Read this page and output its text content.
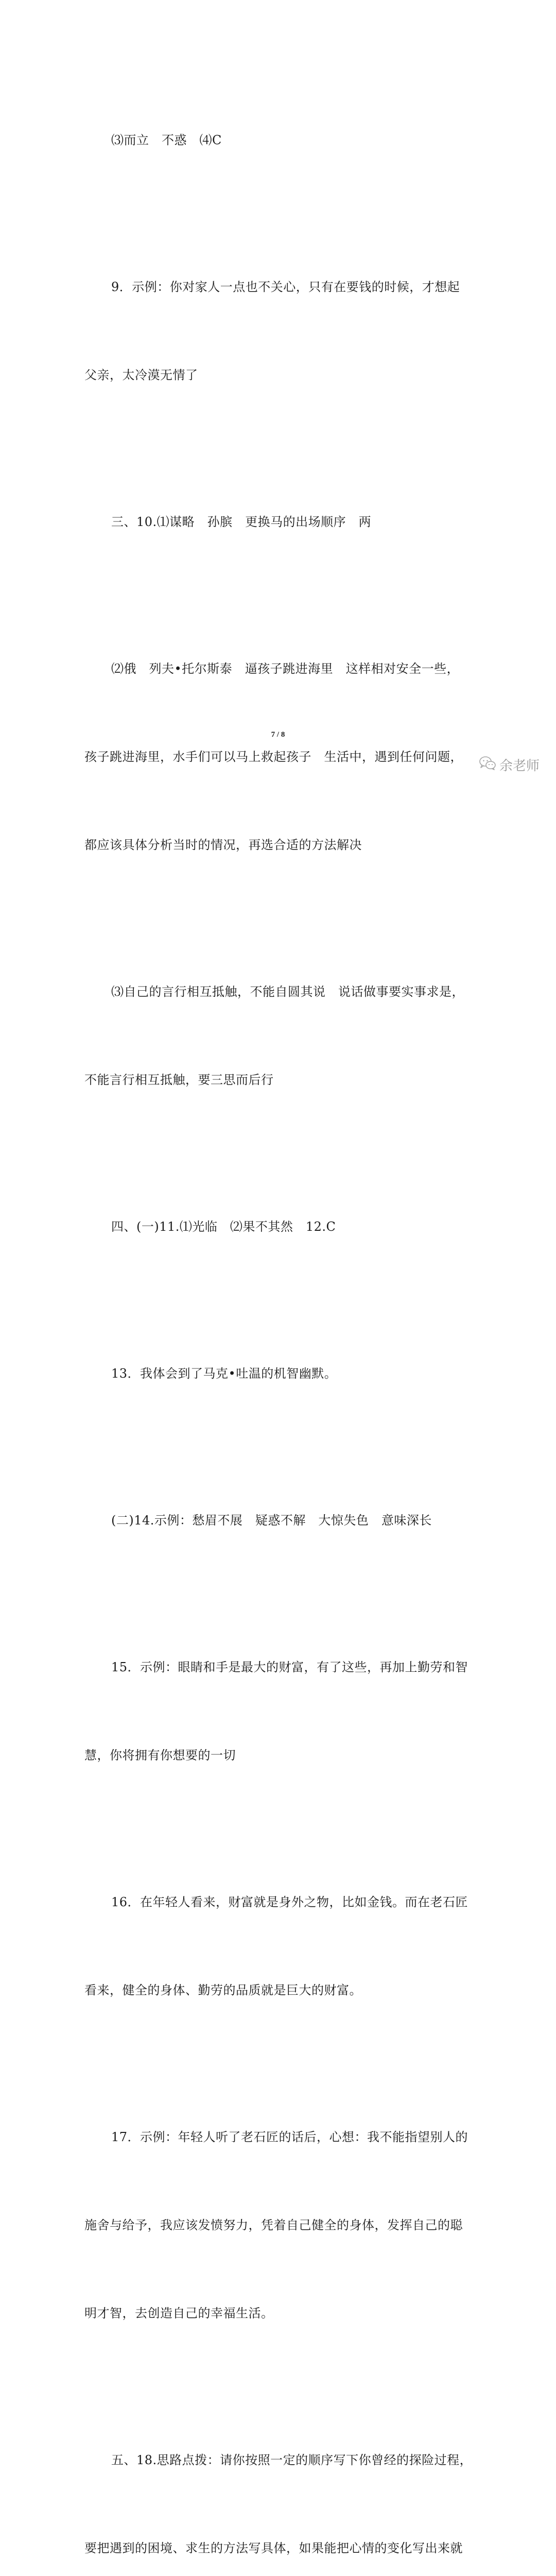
⑶而立　不惑　⑷C

9．示例：你对家人一点也不关心，只有在要钱的时候，才想起

父亲，太冷漠无情了

三、10.⑴谋略　孙膑　更换马的出场顺序　两

⑵俄　列夫•托尔斯泰　逼孩子跳进海里　这样相对安全一些，

孩子跳进海里，水手们可以马上救起孩子　生活中，遇到任何问题，

都应该具体分析当时的情况，再选合适的方法解决

⑶自己的言行相互抵触，不能自圆其说　说话做事要实事求是，

不能言行相互抵触，要三思而后行

四、(一)11.⑴光临　⑵果不其然　12.C

13．我体会到了马克•吐温的机智幽默。

(二)14.示例：愁眉不展　疑惑不解　大惊失色　意味深长

15．示例：眼睛和手是最大的财富，有了这些，再加上勤劳和智

慧，你将拥有你想要的一切

16．在年轻人看来，财富就是身外之物，比如金钱。而在老石匠

看来，健全的身体、勤劳的品质就是巨大的财富。

17．示例：年轻人听了老石匠的话后，心想：我不能指望别人的

施舍与给予，我应该发愤努力，凭着自己健全的身体，发挥自己的聪

明才智，去创造自己的幸福生活。

五、18.思路点拨：请你按照一定的顺序写下你曾经的探险过程，

要把遇到的困境、求生的方法写具体，如果能把心情的变化写出来就

7 / 8
余老师
